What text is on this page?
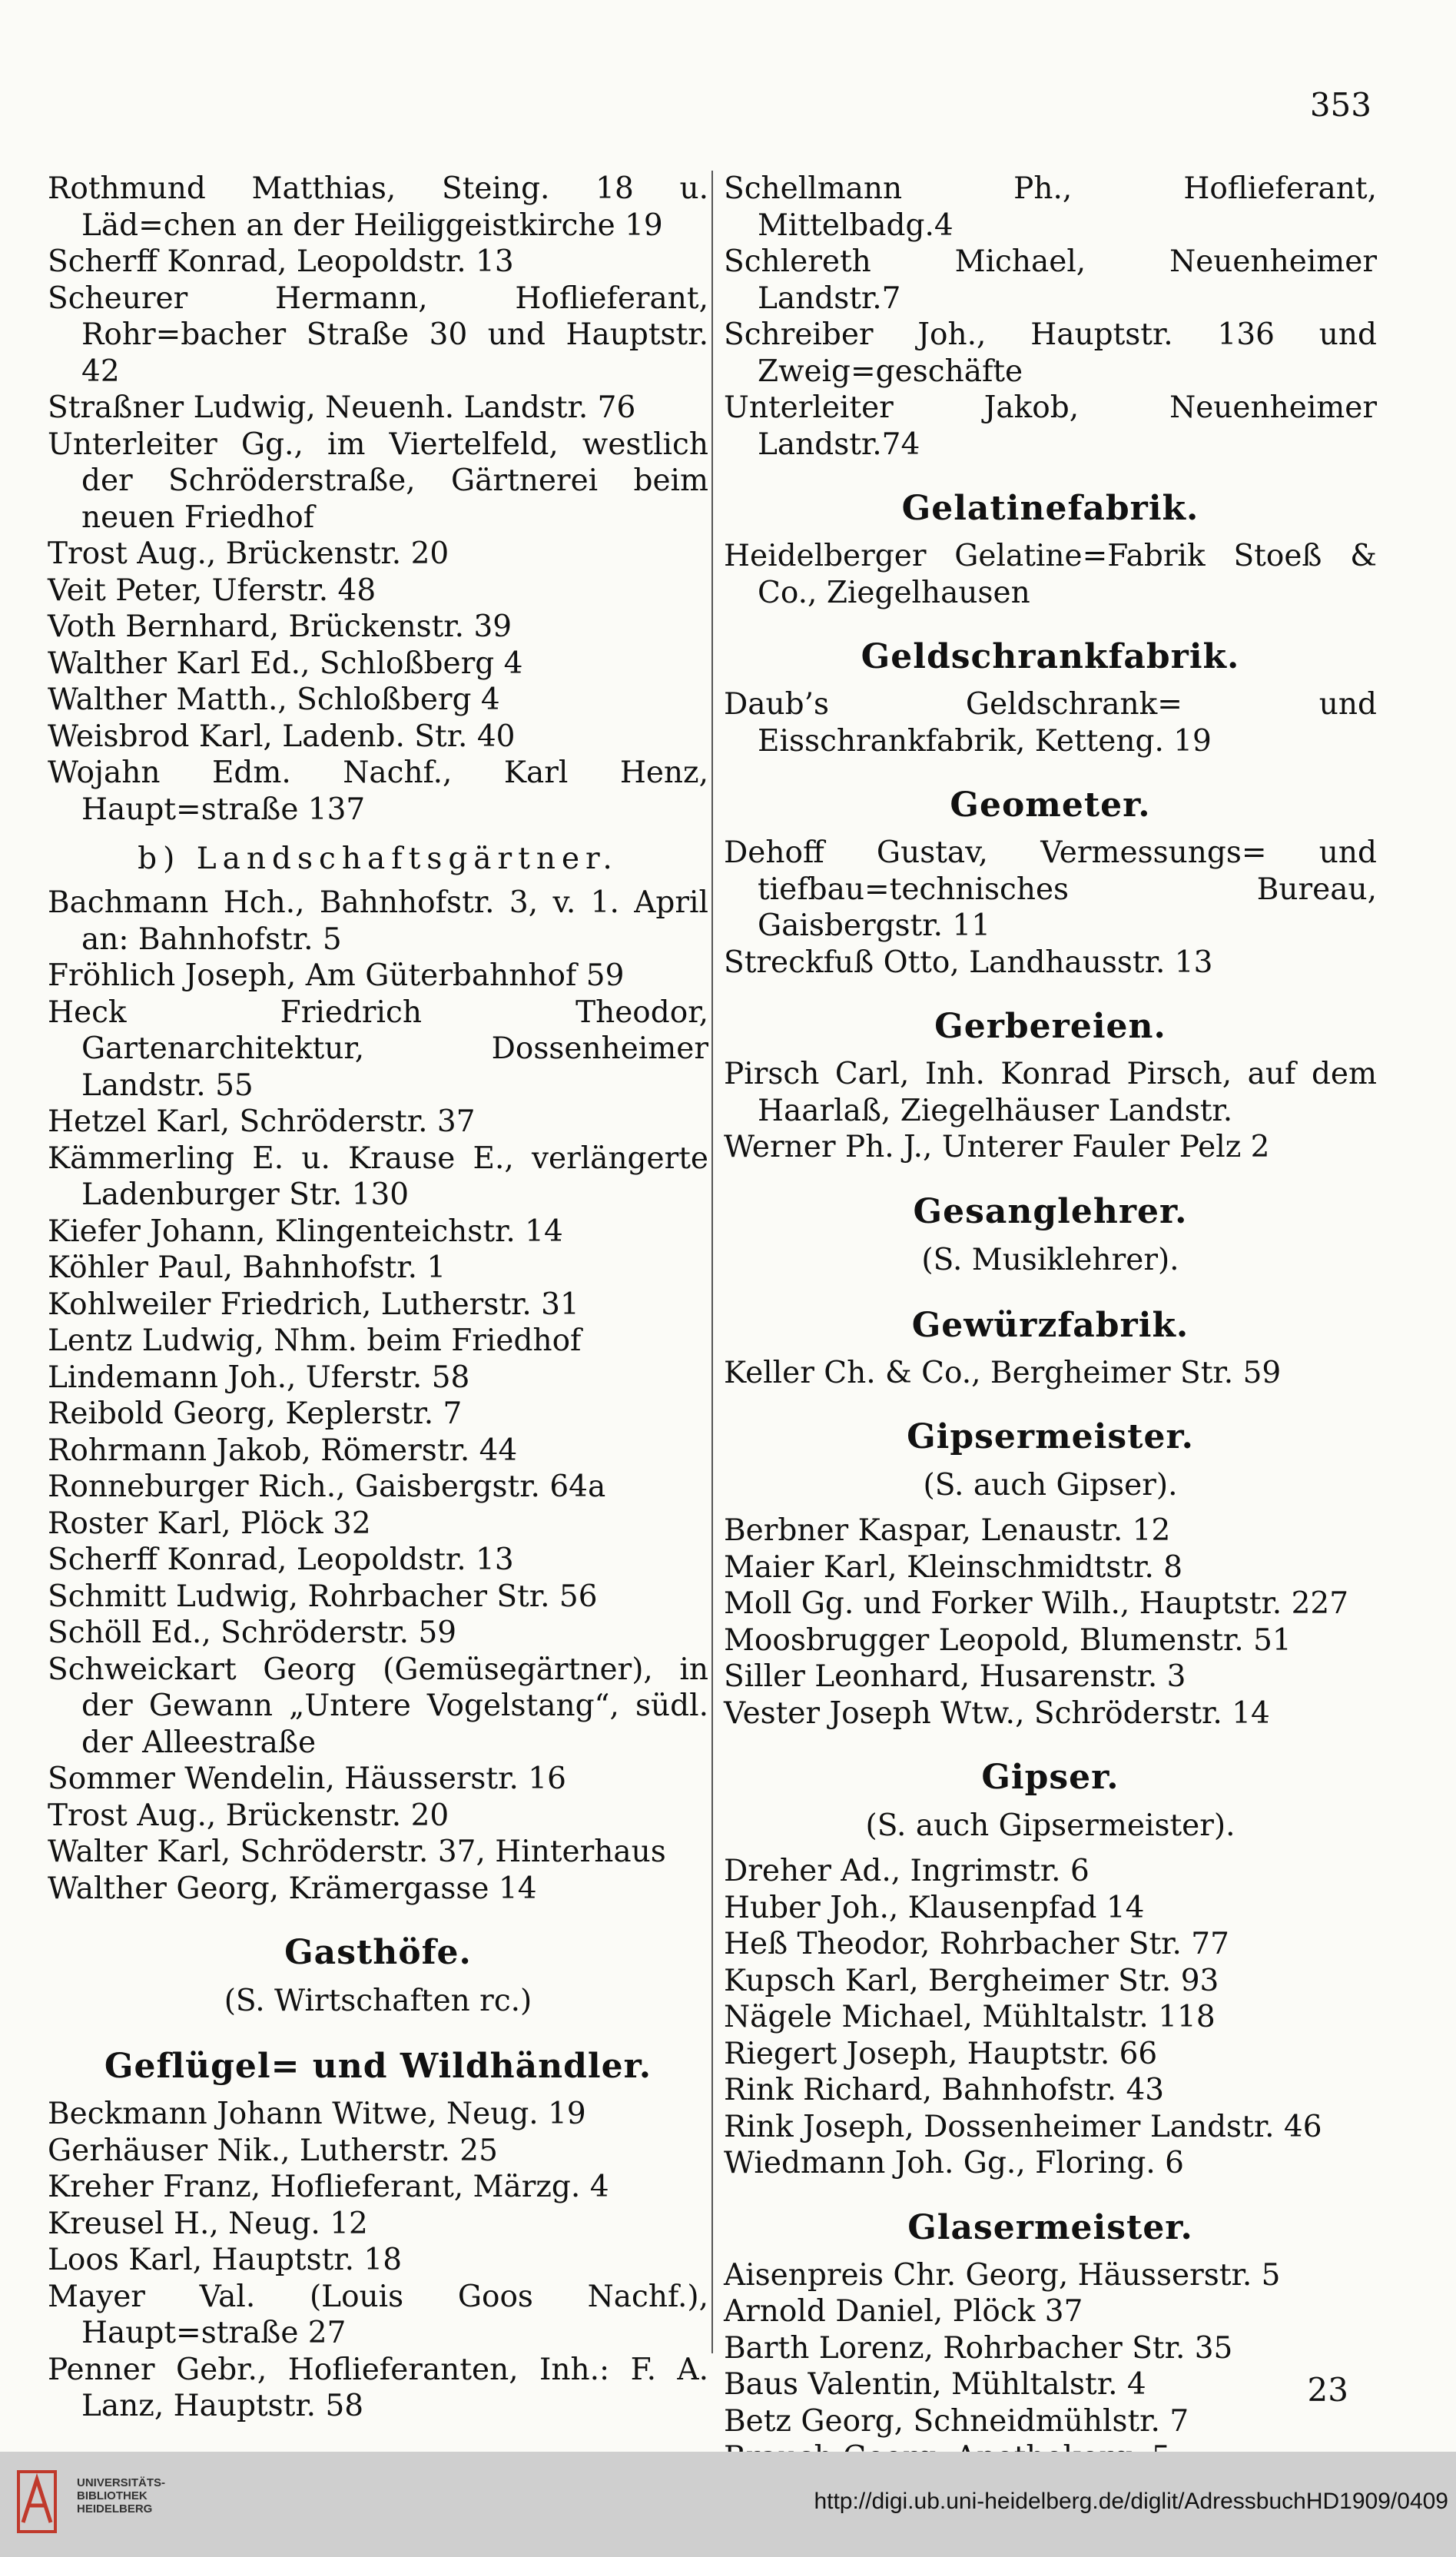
353
Rothmund Matthias, Steing. 18 u. Läd=chen an der Heiliggeistkirche 19
Scherff Konrad, Leopoldstr. 13
Scheurer Hermann, Hoflieferant, Rohr=bacher Straße 30 und Hauptstr. 42
Straßner Ludwig, Neuenh. Landstr. 76
Unterleiter Gg., im Viertelfeld, westlich der Schröderstraße, Gärtnerei beim neuen Friedhof
Trost Aug., Brückenstr. 20
Veit Peter, Uferstr. 48
Voth Bernhard, Brückenstr. 39
Walther Karl Ed., Schloßberg 4
Walther Matth., Schloßberg 4
Weisbrod Karl, Ladenb. Str. 40
Wojahn Edm. Nachf., Karl Henz, Haupt=straße 137
b) Landschaftsgärtner.
Bachmann Hch., Bahnhofstr. 3, v. 1. April an: Bahnhofstr. 5
Fröhlich Joseph, Am Güterbahnhof 59
Heck Friedrich Theodor, Gartenarchitektur, Dossenheimer Landstr. 55
Hetzel Karl, Schröderstr. 37
Kämmerling E. u. Krause E., verlängerte Ladenburger Str. 130
Kiefer Johann, Klingenteichstr. 14
Köhler Paul, Bahnhofstr. 1
Kohlweiler Friedrich, Lutherstr. 31
Lentz Ludwig, Nhm. beim Friedhof
Lindemann Joh., Uferstr. 58
Reibold Georg, Keplerstr. 7
Rohrmann Jakob, Römerstr. 44
Ronneburger Rich., Gaisbergstr. 64a
Roster Karl, Plöck 32
Scherff Konrad, Leopoldstr. 13
Schmitt Ludwig, Rohrbacher Str. 56
Schöll Ed., Schröderstr. 59
Schweickart Georg (Gemüsegärtner), in der Gewann „Untere Vogelstang“, südl. der Alleestraße
Sommer Wendelin, Häusserstr. 16
Trost Aug., Brückenstr. 20
Walter Karl, Schröderstr. 37, Hinterhaus
Walther Georg, Krämergasse 14
Gasthöfe.
(S. Wirtschaften rc.)
Geflügel= und Wildhändler.
Beckmann Johann Witwe, Neug. 19
Gerhäuser Nik., Lutherstr. 25
Kreher Franz, Hoflieferant, Märzg. 4
Kreusel H., Neug. 12
Loos Karl, Hauptstr. 18
Mayer Val. (Louis Goos Nachf.), Haupt=straße 27
Penner Gebr., Hoflieferanten, Inh.: F. A. Lanz, Hauptstr. 58
Schellmann Ph., Hoflieferant, Mittelbadg.4
Schlereth Michael, Neuenheimer Landstr.7
Schreiber Joh., Hauptstr. 136 und Zweig=geschäfte
Unterleiter Jakob, Neuenheimer Landstr.74
Gelatinefabrik.
Heidelberger Gelatine=Fabrik Stoeß & Co., Ziegelhausen
Geldschrankfabrik.
Daub’s Geldschrank= und Eisschrankfabrik, Ketteng. 19
Geometer.
Dehoff Gustav, Vermessungs= und tiefbau=technisches Bureau, Gaisbergstr. 11
Streckfuß Otto, Landhausstr. 13
Gerbereien.
Pirsch Carl, Inh. Konrad Pirsch, auf dem Haarlaß, Ziegelhäuser Landstr.
Werner Ph. J., Unterer Fauler Pelz 2
Gesanglehrer.
(S. Musiklehrer).
Gewürzfabrik.
Keller Ch. & Co., Bergheimer Str. 59
Gipsermeister.
(S. auch Gipser).
Berbner Kaspar, Lenaustr. 12
Maier Karl, Kleinschmidtstr. 8
Moll Gg. und Forker Wilh., Hauptstr. 227
Moosbrugger Leopold, Blumenstr. 51
Siller Leonhard, Husarenstr. 3
Vester Joseph Wtw., Schröderstr. 14
Gipser.
(S. auch Gipsermeister).
Dreher Ad., Ingrimstr. 6
Huber Joh., Klausenpfad 14
Heß Theodor, Rohrbacher Str. 77
Kupsch Karl, Bergheimer Str. 93
Nägele Michael, Mühltalstr. 118
Riegert Joseph, Hauptstr. 66
Rink Richard, Bahnhofstr. 43
Rink Joseph, Dossenheimer Landstr. 46
Wiedmann Joh. Gg., Floring. 6
Glasermeister.
Aisenpreis Chr. Georg, Häusserstr. 5
Arnold Daniel, Plöck 37
Barth Lorenz, Rohrbacher Str. 35
Baus Valentin, Mühltalstr. 4
Betz Georg, Schneidmühlstr. 7
23
UNIVERSITÄTS-
BIBLIOTHEK
HEIDELBERG	http://digi.ub.uni-heidelberg.de/diglit/AdressbuchHD1909/0409
